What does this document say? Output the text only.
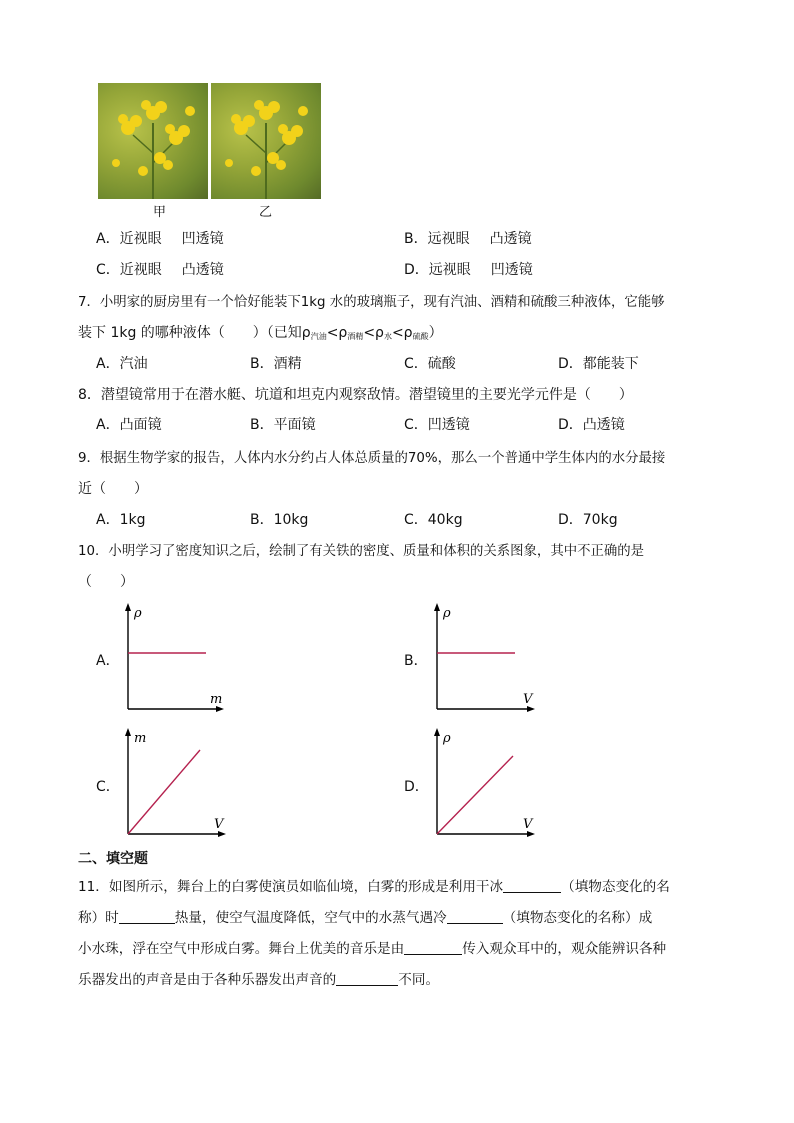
甲	乙
A．近视眼 凹透镜	B．远视眼 凸透镜
C．近视眼 凸透镜	D．远视眼 凹透镜
7．小明家的厨房里有一个恰好能装下1kg 水的玻璃瓶子，现有汽油、酒精和硫酸三种液体，它能够
装下 1kg 的哪种液体（　　）（已知$\rho_{汽油}<\rho_{酒精}<\rho_水<\rho_{硫酸}$）
A．汽油	B．酒精	C．硫酸	D．都能装下
8．潜望镜常用于在潜水艇、坑道和坦克内观察敌情。潜望镜里的主要光学元件是（　　）
A．凸面镜	B．平面镜	C．凹透镜	D．凸透镜
9．根据生物学家的报告，人体内水分约占人体总质量的70%，那么一个普通中学生体内的水分最接
近（　　）
A．1kg	B．10kg	C．40kg	D．70kg
10．小明学习了密度知识之后，绘制了有关铁的密度、质量和体积的关系图象，其中不正确的是
（　　）
A．
ρ
m
B．
ρ
V
C．
m
V
D．
ρ
V
二、填空题
11．如图所示，舞台上的白雾使演员如临仙境，白雾的形成是利用干冰	（填物态变化的名
称）时	热量，使空气温度降低，空气中的水蒸气遇冷	（填物态变化的名称）成
小水珠，浮在空气中形成白雾。舞台上优美的音乐是由	传入观众耳中的，观众能辨识各种
乐器发出的声音是由于各种乐器发出声音的	不同。
